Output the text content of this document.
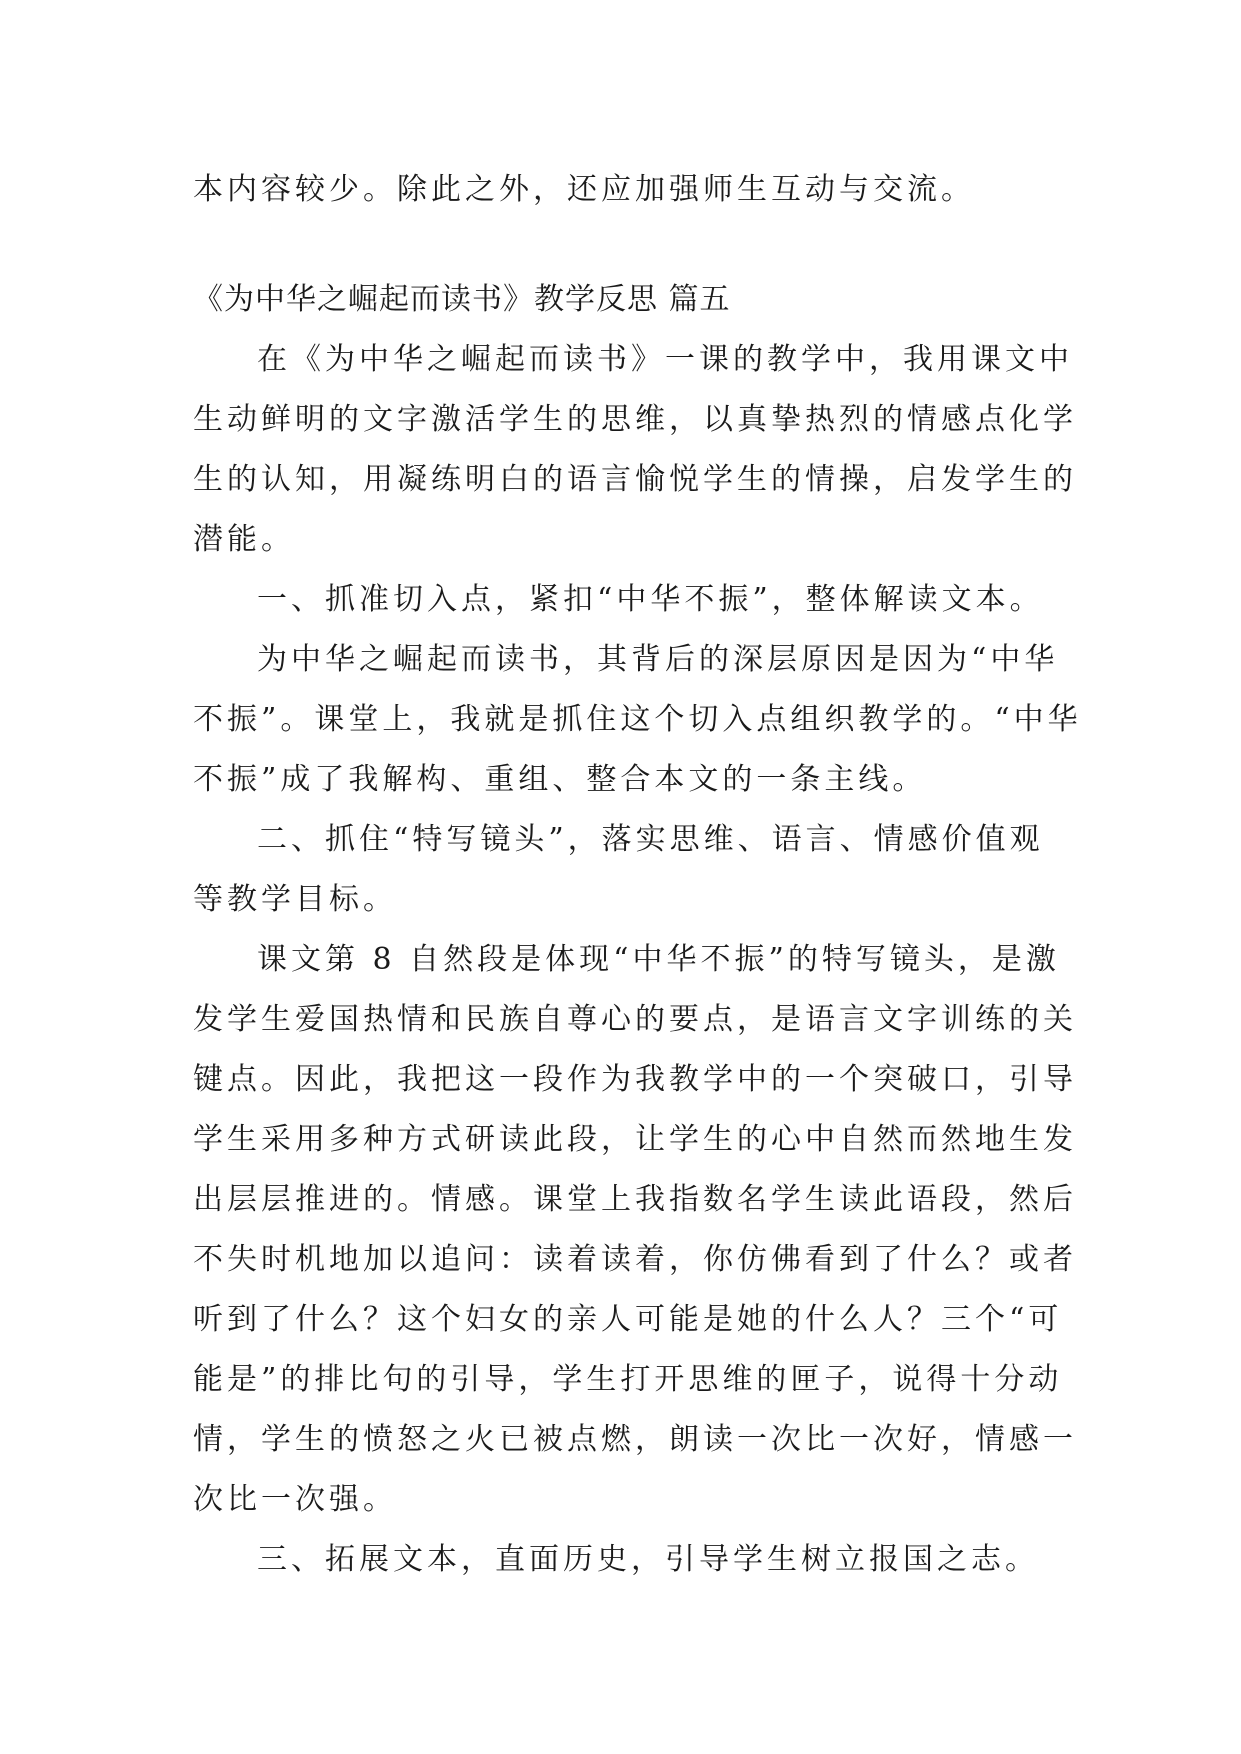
本内容较少。除此之外，还应加强师生互动与交流。
《为中华之崛起而读书》教学反思 篇五
在《为中华之崛起而读书》一课的教学中，我用课文中
生动鲜明的文字激活学生的思维，以真挚热烈的情感点化学
生的认知，用凝练明白的语言愉悦学生的情操，启发学生的
潜能。
一、抓准切入点，紧扣“中华不振”，整体解读文本。
为中华之崛起而读书，其背后的深层原因是因为“中华
不振”。课堂上，我就是抓住这个切入点组织教学的。“中华
不振”成了我解构、重组、整合本文的一条主线。
二、抓住“特写镜头”，落实思维、语言、情感价值观
等教学目标。
课文第 8 自然段是体现“中华不振”的特写镜头，是激
发学生爱国热情和民族自尊心的要点，是语言文字训练的关
键点。因此，我把这一段作为我教学中的一个突破口，引导
学生采用多种方式研读此段，让学生的心中自然而然地生发
出层层推进的。情感。课堂上我指数名学生读此语段，然后
不失时机地加以追问：读着读着，你仿佛看到了什么？或者
听到了什么？这个妇女的亲人可能是她的什么人？三个“可
能是”的排比句的引导，学生打开思维的匣子，说得十分动
情，学生的愤怒之火已被点燃，朗读一次比一次好，情感一
次比一次强。
三、拓展文本，直面历史，引导学生树立报国之志。
